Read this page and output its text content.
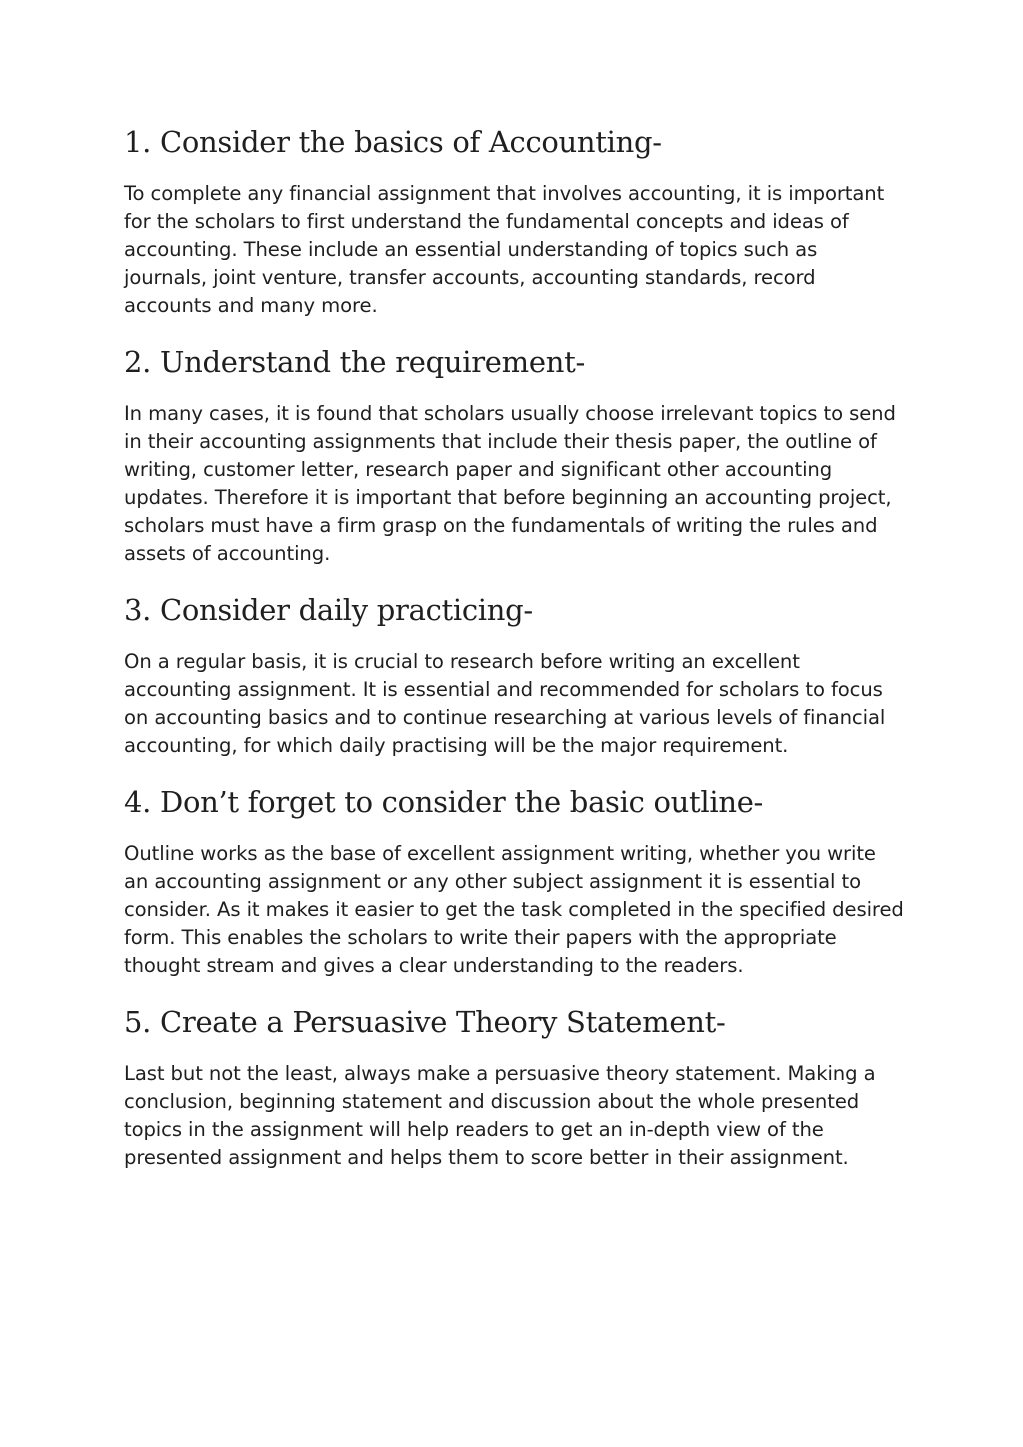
1. Consider the basics of Accounting-

To complete any financial assignment that involves accounting, it is important for the scholars to first understand the fundamental concepts and ideas of accounting. These include an essential understanding of topics such as journals, joint venture, transfer accounts, accounting standards, record accounts and many more.

2. Understand the requirement-

In many cases, it is found that scholars usually choose irrelevant topics to send in their accounting assignments that include their thesis paper, the outline of writing, customer letter, research paper and significant other accounting updates. Therefore it is important that before beginning an accounting project, scholars must have a firm grasp on the fundamentals of writing the rules and assets of accounting.

3. Consider daily practicing-

On a regular basis, it is crucial to research before writing an excellent accounting assignment. It is essential and recommended for scholars to focus on accounting basics and to continue researching at various levels of financial accounting, for which daily practising will be the major requirement.

4. Don’t forget to consider the basic outline-

Outline works as the base of excellent assignment writing, whether you write an accounting assignment or any other subject assignment it is essential to consider. As it makes it easier to get the task completed in the specified desired form. This enables the scholars to write their papers with the appropriate thought stream and gives a clear understanding to the readers.

5. Create a Persuasive Theory Statement-

Last but not the least, always make a persuasive theory statement. Making a conclusion, beginning statement and discussion about the whole presented topics in the assignment will help readers to get an in-depth view of the presented assignment and helps them to score better in their assignment.
